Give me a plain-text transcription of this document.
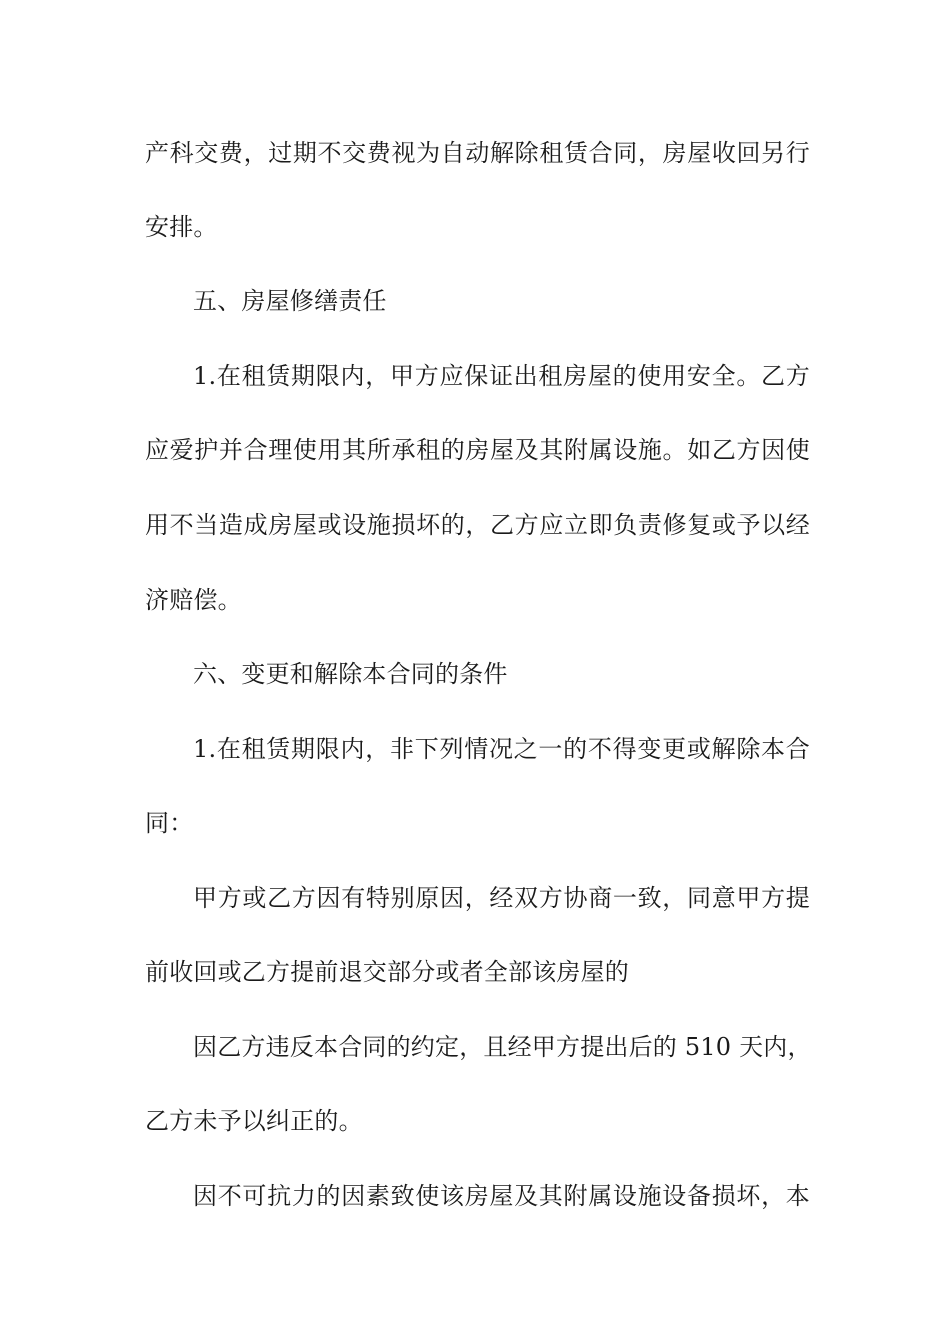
产科交费，过期不交费视为自动解除租赁合同，房屋收回另行
安排。
五、房屋修缮责任
1.在租赁期限内，甲方应保证出租房屋的使用安全。乙方
应爱护并合理使用其所承租的房屋及其附属设施。如乙方因使
用不当造成房屋或设施损坏的，乙方应立即负责修复或予以经
济赔偿。
六、变更和解除本合同的条件
1.在租赁期限内，非下列情况之一的不得变更或解除本合
同：
甲方或乙方因有特别原因，经双方协商一致，同意甲方提
前收回或乙方提前退交部分或者全部该房屋的
因乙方违反本合同的约定，且经甲方提出后的 510 天内，
乙方未予以纠正的。
因不可抗力的因素致使该房屋及其附属设施设备损坏，本
